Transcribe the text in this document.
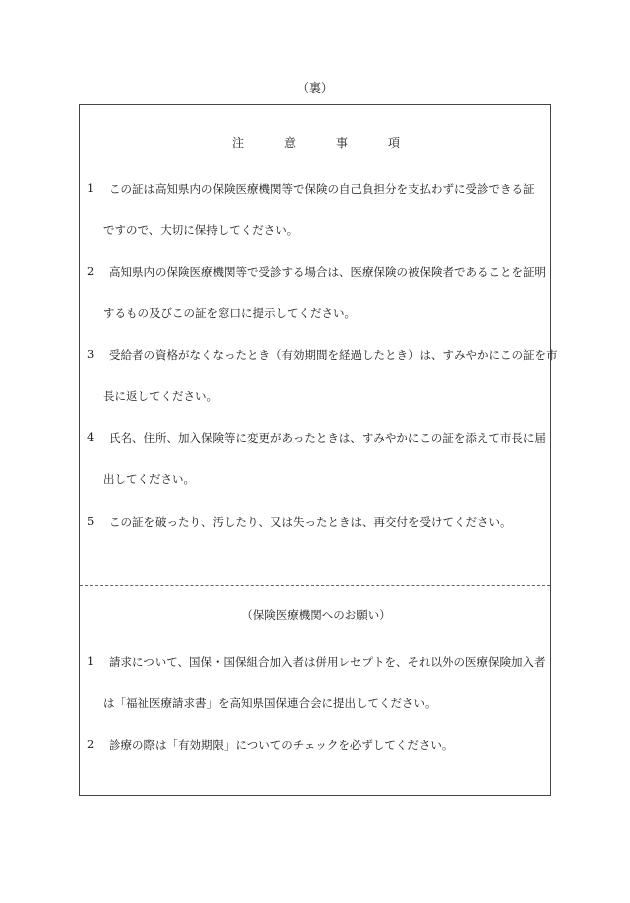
（裏）
注	意	事	項
1	この証は高知県内の保険医療機関等で保険の自己負担分を支払わずに受診できる証
ですので、大切に保持してください。
2	高知県内の保険医療機関等で受診する場合は、医療保険の被保険者であることを証明
するもの及びこの証を窓口に提示してください。
3	受給者の資格がなくなったとき（有効期間を経過したとき）は、すみやかにこの証を市
長に返してください。
4	氏名、住所、加入保険等に変更があったときは、すみやかにこの証を添えて市長に届
出してください。
5	この証を破ったり、汚したり、又は失ったときは、再交付を受けてください。
（保険医療機関へのお願い）
1	請求について、国保・国保組合加入者は併用レセプトを、それ以外の医療保険加入者
は「福祉医療請求書」を高知県国保連合会に提出してください。
2	診療の際は「有効期限」についてのチェックを必ずしてください。
